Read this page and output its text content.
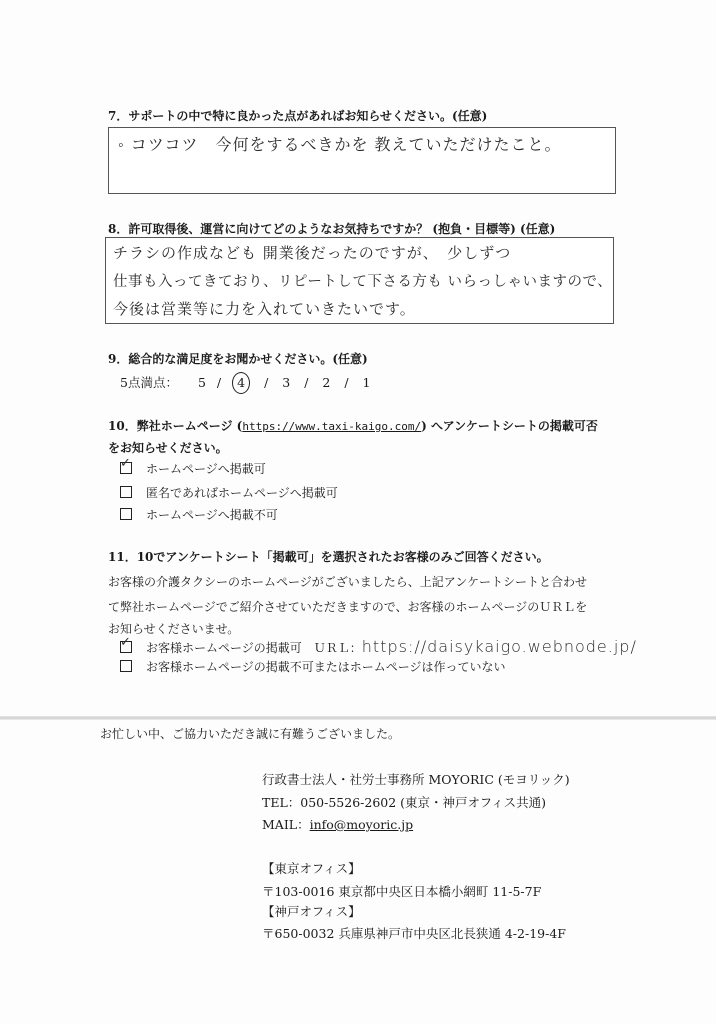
7．サポートの中で特に良かった点があればお知らせください。(任意)
◦ コツコツ　今何をするべきかを 教えていただけたこと。
8．許可取得後、運営に向けてどのようなお気持ちですか？ (抱負・目標等) (任意)
チラシの作成なども 開業後だったのですが、　少しずつ
仕事も入ってきており、リピートして下さる方も いらっしゃいますので、
今後は営業等に力を入れていきたいです。
9．総合的な満足度をお聞かせください。(任意)
5点満点： 5 / 4 / 3 / 2 / 1
10．弊社ホームページ (https://www.taxi-kaigo.com/) へアンケートシートの掲載可否
をお知らせください。
✓ ホームページへ掲載可
匿名であればホームページへ掲載可
ホームページへ掲載不可
11．10でアンケートシート「掲載可」を選択されたお客様のみご回答ください。
お客様の介護タクシーのホームページがございましたら、上記アンケートシートと合わせ
て弊社ホームページでご紹介させていただきますので、お客様のホームページのＵＲＬを
お知らせくださいませ。
✓ お客様ホームページの掲載可　ＵＲＬ：https://daisykaigo.webnode.jp/
お客様ホームページの掲載不可またはホームページは作っていない
お忙しい中、ご協力いただき誠に有難うございました。
行政書士法人・社労士事務所 MOYORIC (モヨリック)
TEL：050-5526-2602 (東京・神戸オフィス共通)
MAIL：info@moyoric.jp
【東京オフィス】
〒103-0016 東京都中央区日本橋小網町 11-5-7F
【神戸オフィス】
〒650-0032 兵庫県神戸市中央区北長狭通 4-2-19-4F
